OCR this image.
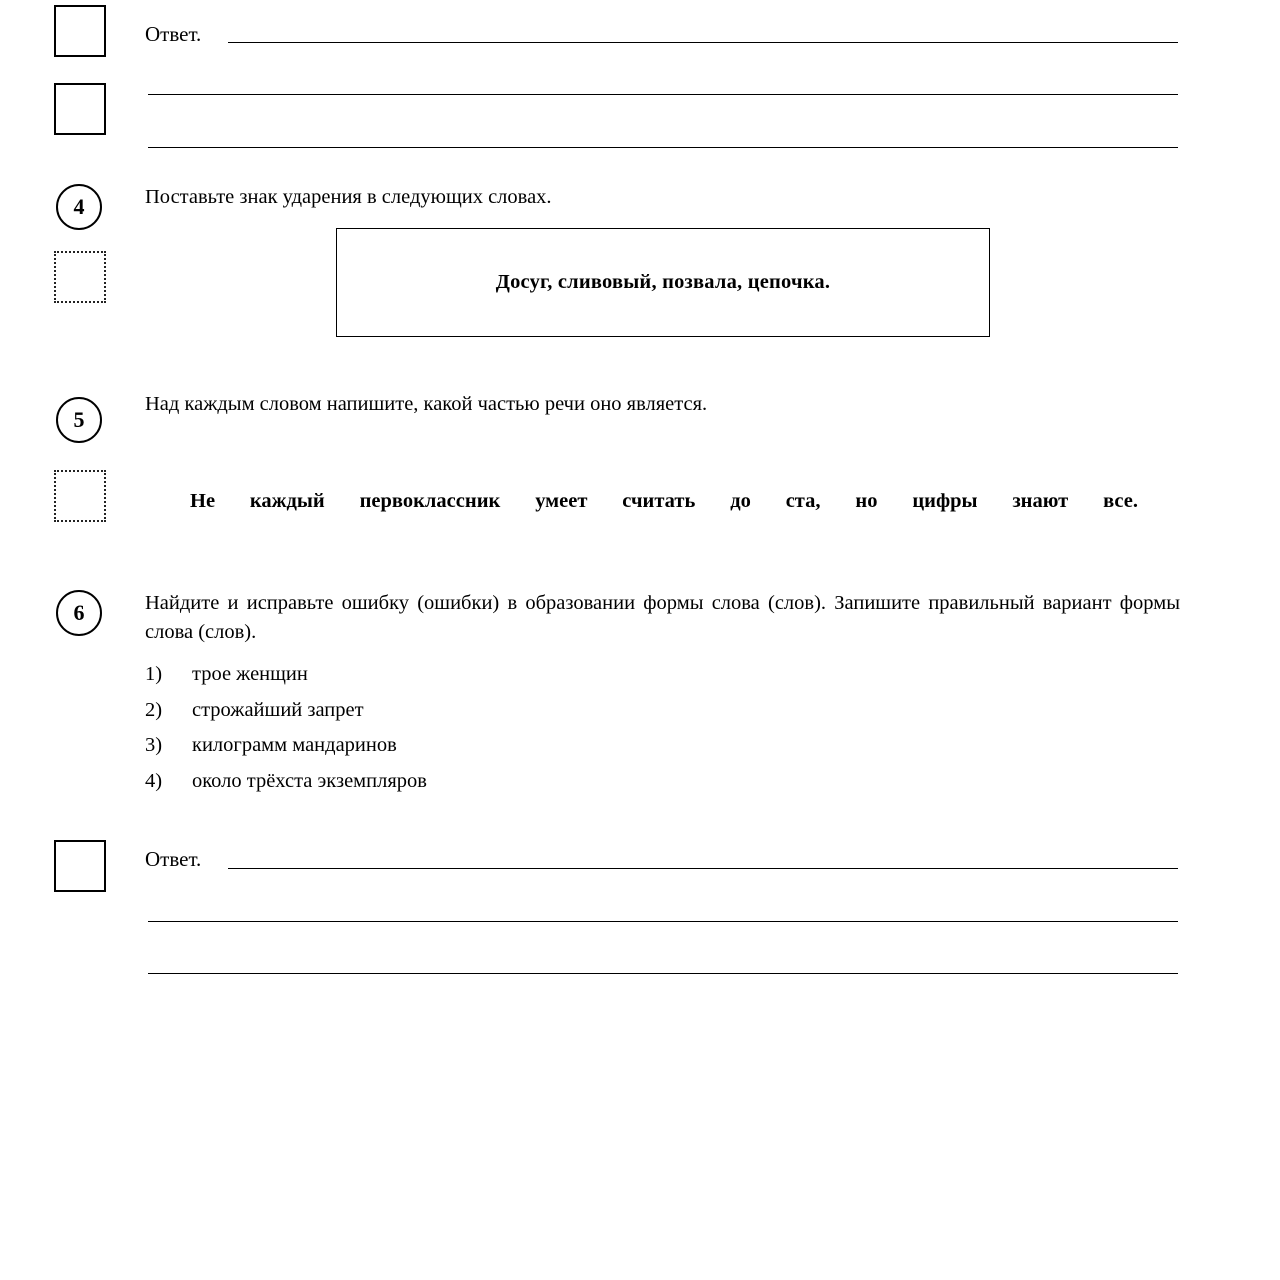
Ответ.
4	Поставьте знак ударения в следующих словах.
Досуг, сливовый, позвала, цепочка.
5
Над каждым словом напишите, какой частью речи оно является.
Не каждый первоклассник умеет считать до ста, но цифры знают все.
6	Найдите и исправьте ошибку (ошибки) в образовании формы слова (слов). Запишите правильный вариант формы слова (слов).
1)	трое женщин
2)	строжайший запрет
3)	килограмм мандаринов
4)	около трёхста экземпляров
Ответ.
